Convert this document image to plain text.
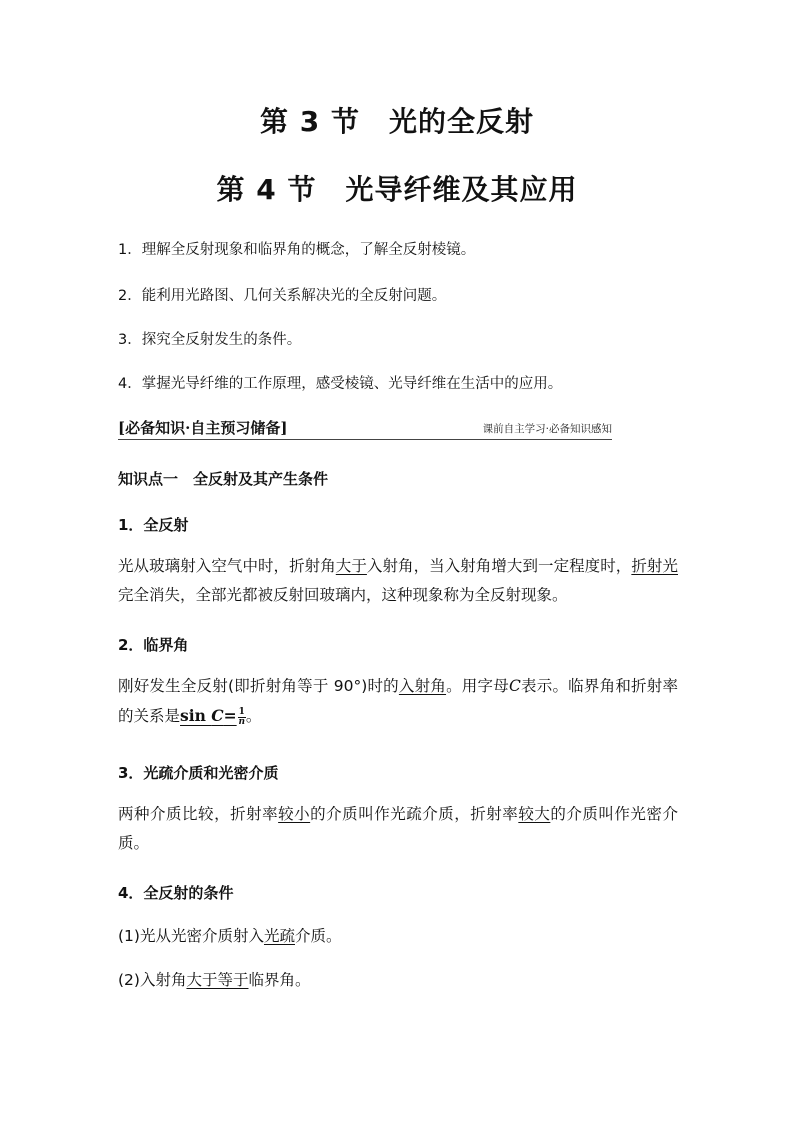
第 3 节　光的全反射
第 4 节　光导纤维及其应用
1．理解全反射现象和临界角的概念，了解全反射棱镜。
2．能利用光路图、几何关系解决光的全反射问题。
3．探究全反射发生的条件。
4．掌握光导纤维的工作原理，感受棱镜、光导纤维在生活中的应用。
[必备知识·自主预习储备]	课前自主学习·必备知识感知
知识点一　全反射及其产生条件
1．全反射
光从玻璃射入空气中时，折射角大于入射角，当入射角增大到一定程度时，折射光完全消失，全部光都被反射回玻璃内，这种现象称为全反射现象。
2．临界角
刚好发生全反射(即折射角等于 90°)时的入射角。用字母C表示。临界角和折射率的关系是$\sin C= \frac{1}{n}$ 。
3．光疏介质和光密介质
两种介质比较，折射率较小的介质叫作光疏介质，折射率较大的介质叫作光密介质。
4．全反射的条件
(1)光从光密介质射入光疏介质。
(2)入射角大于等于临界角。
